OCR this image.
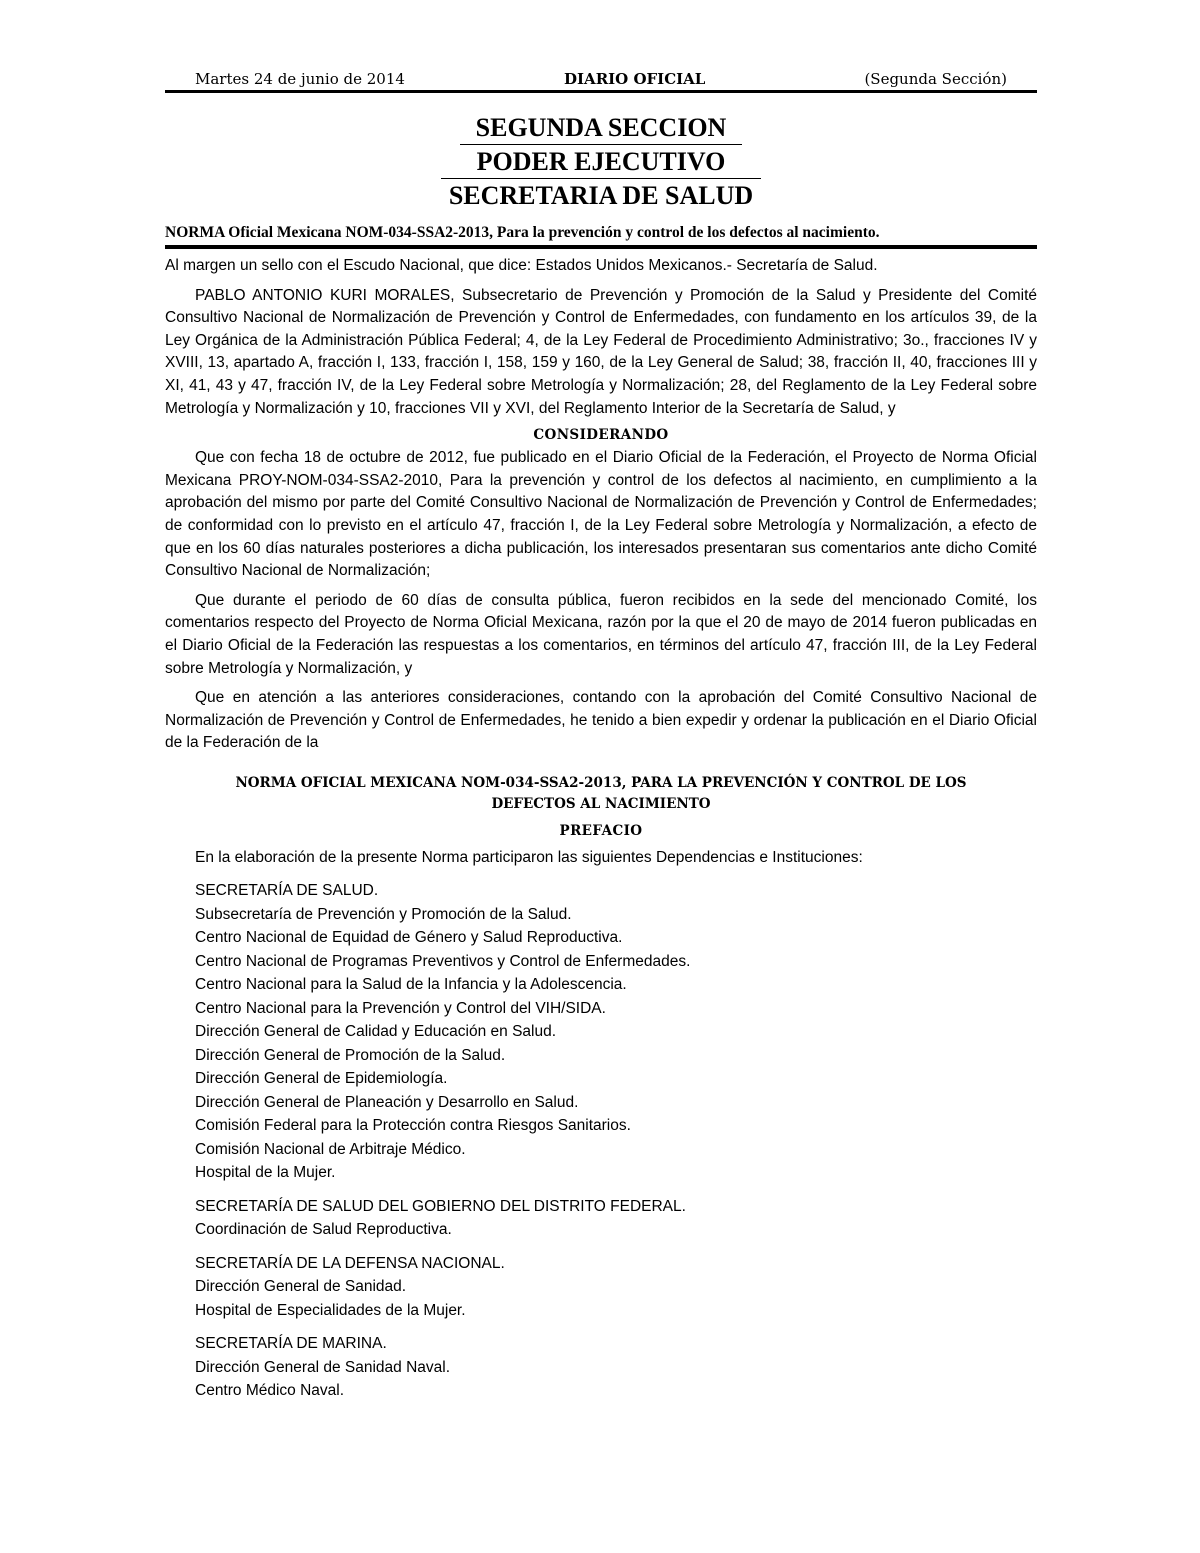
Martes 24 de junio de 2014	DIARIO OFICIAL	(Segunda Sección)
SEGUNDA SECCION
PODER EJECUTIVO
SECRETARIA DE SALUD
NORMA Oficial Mexicana NOM-034-SSA2-2013, Para la prevención y control de los defectos al nacimiento.

Al margen un sello con el Escudo Nacional, que dice: Estados Unidos Mexicanos.- Secretaría de Salud.

PABLO ANTONIO KURI MORALES, Subsecretario de Prevención y Promoción de la Salud y Presidente del Comité Consultivo Nacional de Normalización de Prevención y Control de Enfermedades, con fundamento en los artículos 39, de la Ley Orgánica de la Administración Pública Federal; 4, de la Ley Federal de Procedimiento Administrativo; 3o., fracciones IV y XVIII, 13, apartado A, fracción I, 133, fracción I, 158, 159 y 160, de la Ley General de Salud; 38, fracción II, 40, fracciones III y XI, 41, 43 y 47, fracción IV, de la Ley Federal sobre Metrología y Normalización; 28, del Reglamento de la Ley Federal sobre Metrología y Normalización y 10, fracciones VII y XVI, del Reglamento Interior de la Secretaría de Salud, y

CONSIDERANDO

Que con fecha 18 de octubre de 2012, fue publicado en el Diario Oficial de la Federación, el Proyecto de Norma Oficial Mexicana PROY-NOM-034-SSA2-2010, Para la prevención y control de los defectos al nacimiento, en cumplimiento a la aprobación del mismo por parte del Comité Consultivo Nacional de Normalización de Prevención y Control de Enfermedades; de conformidad con lo previsto en el artículo 47, fracción I, de la Ley Federal sobre Metrología y Normalización, a efecto de que en los 60 días naturales posteriores a dicha publicación, los interesados presentaran sus comentarios ante dicho Comité Consultivo Nacional de Normalización;

Que durante el periodo de 60 días de consulta pública, fueron recibidos en la sede del mencionado Comité, los comentarios respecto del Proyecto de Norma Oficial Mexicana, razón por la que el 20 de mayo de 2014 fueron publicadas en el Diario Oficial de la Federación las respuestas a los comentarios, en términos del artículo 47, fracción III, de la Ley Federal sobre Metrología y Normalización, y

Que en atención a las anteriores consideraciones, contando con la aprobación del Comité Consultivo Nacional de Normalización de Prevención y Control de Enfermedades, he tenido a bien expedir y ordenar la publicación en el Diario Oficial de la Federación de la

NORMA OFICIAL MEXICANA NOM-034-SSA2-2013, PARA LA PREVENCIÓN Y CONTROL DE LOS
DEFECTOS AL NACIMIENTO
PREFACIO

En la elaboración de la presente Norma participaron las siguientes Dependencias e Instituciones:

SECRETARÍA DE SALUD.
Subsecretaría de Prevención y Promoción de la Salud.
Centro Nacional de Equidad de Género y Salud Reproductiva.
Centro Nacional de Programas Preventivos y Control de Enfermedades.
Centro Nacional para la Salud de la Infancia y la Adolescencia.
Centro Nacional para la Prevención y Control del VIH/SIDA.
Dirección General de Calidad y Educación en Salud.
Dirección General de Promoción de la Salud.
Dirección General de Epidemiología.
Dirección General de Planeación y Desarrollo en Salud.
Comisión Federal para la Protección contra Riesgos Sanitarios.
Comisión Nacional de Arbitraje Médico.
Hospital de la Mujer.
SECRETARÍA DE SALUD DEL GOBIERNO DEL DISTRITO FEDERAL.
Coordinación de Salud Reproductiva.
SECRETARÍA DE LA DEFENSA NACIONAL.
Dirección General de Sanidad.
Hospital de Especialidades de la Mujer.
SECRETARÍA DE MARINA.
Dirección General de Sanidad Naval.
Centro Médico Naval.
